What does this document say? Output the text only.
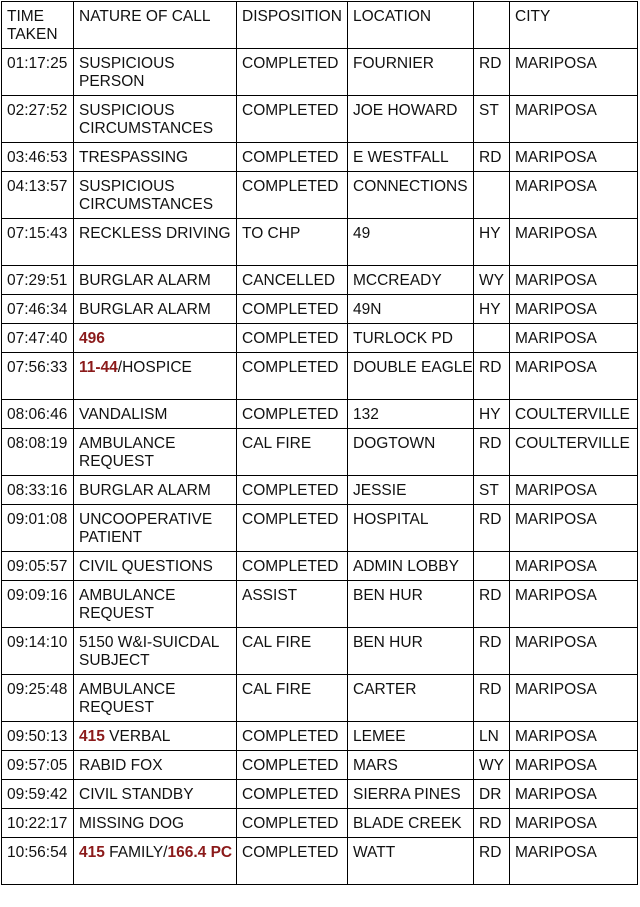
TIME TAKEN	NATURE OF CALL	DISPOSITION	LOCATION		CITY
01:17:25	SUSPICIOUS PERSON	COMPLETED	FOURNIER	RD	MARIPOSA
02:27:52	SUSPICIOUS CIRCUMSTANCES	COMPLETED	JOE HOWARD	ST	MARIPOSA
03:46:53	TRESPASSING	COMPLETED	E WESTFALL	RD	MARIPOSA
04:13:57	SUSPICIOUS CIRCUMSTANCES	COMPLETED	CONNECTIONS		MARIPOSA
07:15:43	RECKLESS DRIVING	TO CHP	49	HY	MARIPOSA
07:29:51	BURGLAR ALARM	CANCELLED	MCCREADY	WY	MARIPOSA
07:46:34	BURGLAR ALARM	COMPLETED	49N	HY	MARIPOSA
07:47:40	496	COMPLETED	TURLOCK PD		MARIPOSA
07:56:33	11-44/HOSPICE	COMPLETED	DOUBLE EAGLE	RD	MARIPOSA
08:06:46	VANDALISM	COMPLETED	132	HY	COULTERVILLE
08:08:19	AMBULANCE REQUEST	CAL FIRE	DOGTOWN	RD	COULTERVILLE
08:33:16	BURGLAR ALARM	COMPLETED	JESSIE	ST	MARIPOSA
09:01:08	UNCOOPERATIVE PATIENT	COMPLETED	HOSPITAL	RD	MARIPOSA
09:05:57	CIVIL QUESTIONS	COMPLETED	ADMIN LOBBY		MARIPOSA
09:09:16	AMBULANCE REQUEST	ASSIST	BEN HUR	RD	MARIPOSA
09:14:10	5150 W&I-SUICDAL SUBJECT	CAL FIRE	BEN HUR	RD	MARIPOSA
09:25:48	AMBULANCE REQUEST	CAL FIRE	CARTER	RD	MARIPOSA
09:50:13	415 VERBAL	COMPLETED	LEMEE	LN	MARIPOSA
09:57:05	RABID FOX	COMPLETED	MARS	WY	MARIPOSA
09:59:42	CIVIL STANDBY	COMPLETED	SIERRA PINES	DR	MARIPOSA
10:22:17	MISSING DOG	COMPLETED	BLADE CREEK	RD	MARIPOSA
10:56:54	415 FAMILY/166.4 PC	COMPLETED	WATT	RD	MARIPOSA
